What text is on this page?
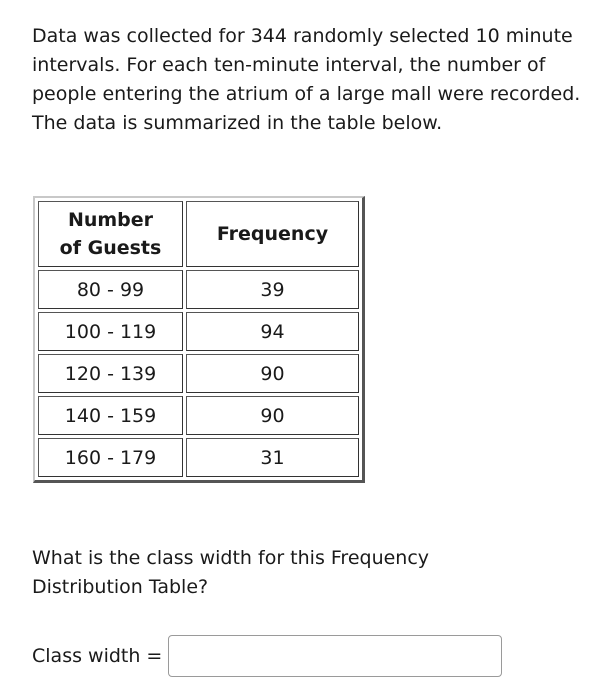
Data was collected for 344 randomly selected 10 minute intervals. For each ten-minute interval, the number of people entering the atrium of a large mall were recorded. The data is summarized in the table below.

Number
of Guests	Frequency
80 - 99	39
100 - 119	94
120 - 139	90
140 - 159	90
160 - 179	31

What is the class width for this Frequency Distribution Table?

Class width =
